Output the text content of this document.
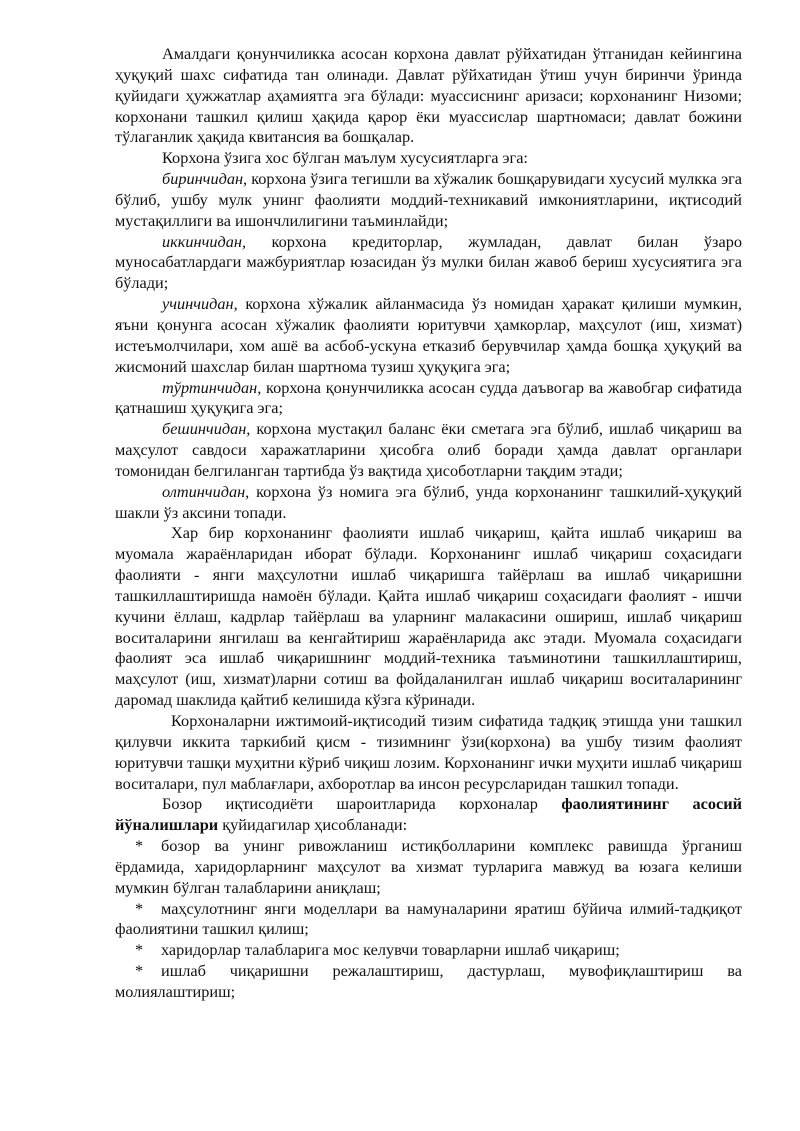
Амалдаги қонунчиликка асосан корхона давлат рўйхатидан ўтганидан кейингина ҳуқуқий шахс сифатида тан олинади. Давлат рўйхатидан ўтиш учун биринчи ўринда қуйидаги ҳужжатлар аҳамиятга эга бўлади: муассиснинг аризаси; корхонанинг Низоми; корхонани ташкил қилиш ҳақида қарор ёки муассислар шартномаси; давлат божини тўлаганлик ҳақида квитансия ва бошқалар.

Корхона ўзига хос бўлган маълум хусусиятларга эга:

биринчидан, корхона ўзига тегишли ва хўжалик бошқарувидаги хусусий мулкка эга бўлиб, ушбу мулк унинг фаолияти моддий-техникавий имкониятларини, иқтисодий мустақиллиги ва ишончлилигини таъминлайди;

иккинчидан, корхона кредиторлар, жумладан, давлат билан ўзаро муносабатлардаги мажбуриятлар юзасидан ўз мулки билан жавоб бериш хусусиятига эга бўлади;

учинчидан, корхона хўжалик айланмасида ўз номидан ҳаракат қилиши мумкин, яъни қонунга асосан хўжалик фаолияти юритувчи ҳамкорлар, маҳсулот (иш, хизмат) истеъмолчилари, хом ашё ва асбоб-ускуна етказиб берувчилар ҳамда бошқа ҳуқуқий ва жисмоний шахслар билан шартнома тузиш ҳуқуқига эга;

тўртинчидан, корхона қонунчиликка асосан судда даъвогар ва жавобгар сифатида қатнашиш ҳуқуқига эга;

бешинчидан, корхона мустақил баланс ёки сметага эга бўлиб, ишлаб чиқариш ва маҳсулот савдоси харажатларини ҳисобга олиб боради ҳамда давлат органлари томонидан белгиланган тартибда ўз вақтида ҳисоботларни тақдим этади;

олтинчидан, корхона ўз номига эга бўлиб, унда корхонанинг ташкилий-ҳуқуқий шакли ўз аксини топади.

Хар бир корхонанинг фаолияти ишлаб чиқариш, қайта ишлаб чиқариш ва муомала жараёнларидан иборат бўлади. Корхонанинг ишлаб чиқариш соҳасидаги фаолияти - янги маҳсулотни ишлаб чиқаришга тайёрлаш ва ишлаб чиқаришни ташкиллаштиришда намоён бўлади. Қайта ишлаб чиқариш соҳасидаги фаолият - ишчи кучини ёллаш, кадрлар тайёрлаш ва уларнинг малакасини ошириш, ишлаб чиқариш воситаларини янгилаш ва кенгайтириш жараёнларида акс этади. Муомала соҳасидаги фаолият эса ишлаб чиқаришнинг моддий-техника таъминотини ташкиллаштириш, маҳсулот (иш, хизмат)ларни сотиш ва фойдаланилган ишлаб чиқариш воситаларининг даромад шаклида қайтиб келишида кўзга кўринади.

Корхоналарни ижтимоий-иқтисодий тизим сифатида тадқиқ этишда уни ташкил қилувчи иккита таркибий қисм - тизимнинг ўзи(корхона) ва ушбу тизим фаолият юритувчи ташқи муҳитни кўриб чиқиш лозим. Корхонанинг ички муҳити ишлаб чиқариш воситалари, пул маблағлари, ахборотлар ва инсон ресурсларидан ташкил топади.

Бозор иқтисодиёти шароитларида корхоналар фаолиятининг асосий йўналишлари қуйидагилар ҳисобланади:

* бозор ва унинг ривожланиш истиқболларини комплекс равишда ўрганиш ёрдамида, харидорларнинг маҳсулот ва хизмат турларига мавжуд ва юзага келиши мумкин бўлган талабларини аниқлаш;

* маҳсулотнинг янги моделлари ва намуналарини яратиш бўйича илмий-тадқиқот фаолиятини ташкил қилиш;

* харидорлар талабларига мос келувчи товарларни ишлаб чиқариш;

* ишлаб чиқаришни режалаштириш, дастурлаш, мувофиқлаштириш ва молиялаштириш;
